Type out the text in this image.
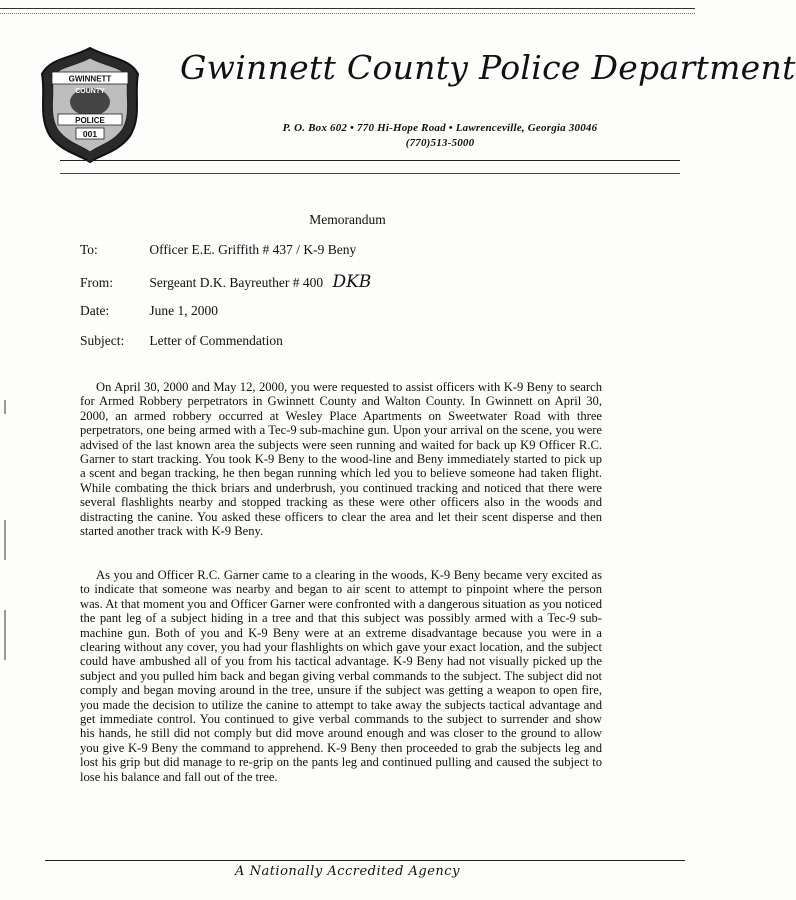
GWINNETT
COUNTY
POLICE
001
Gwinnett County Police Department
P. O. Box 602 • 770 Hi-Hope Road • Lawrenceville, Georgia 30046
(770)513-5000
Memorandum
To:	Officer E.E. Griffith # 437 / K-9 Beny
From:	Sergeant D.K. Bayreuther # 400 DKB
Date:	June 1, 2000
Subject: Letter of Commendation

On April 30, 2000 and May 12, 2000, you were requested to assist officers with K-9 Beny to search for Armed Robbery perpetrators in Gwinnett County and Walton County. In Gwinnett on April 30, 2000, an armed robbery occurred at Wesley Place Apartments on Sweetwater Road with three perpetrators, one being armed with a Tec-9 sub-machine gun. Upon your arrival on the scene, you were advised of the last known area the subjects were seen running and waited for back up K9 Officer R.C. Garner to start tracking. You took K-9 Beny to the wood-line and Beny immediately started to pick up a scent and began tracking, he then began running which led you to believe someone had taken flight. While combating the thick briars and underbrush, you continued tracking and noticed that there were several flashlights nearby and stopped tracking as these were other officers also in the woods and distracting the canine. You asked these officers to clear the area and let their scent disperse and then started another track with K-9 Beny.

As you and Officer R.C. Garner came to a clearing in the woods, K-9 Beny became very excited as to indicate that someone was nearby and began to air scent to attempt to pinpoint where the person was. At that moment you and Officer Garner were confronted with a dangerous situation as you noticed the pant leg of a subject hiding in a tree and that this subject was possibly armed with a Tec-9 sub-machine gun. Both of you and K-9 Beny were at an extreme disadvantage because you were in a clearing without any cover, you had your flashlights on which gave your exact location, and the subject could have ambushed all of you from his tactical advantage. K-9 Beny had not visually picked up the subject and you pulled him back and began giving verbal commands to the subject. The subject did not comply and began moving around in the tree, unsure if the subject was getting a weapon to open fire, you made the decision to utilize the canine to attempt to take away the subjects tactical advantage and get immediate control. You continued to give verbal commands to the subject to surrender and show his hands, he still did not comply but did move around enough and was closer to the ground to allow you give K-9 Beny the command to apprehend. K-9 Beny then proceeded to grab the subjects leg and lost his grip but did manage to re-grip on the pants leg and continued pulling and caused the subject to lose his balance and fall out of the tree.

A Nationally Accredited Agency
